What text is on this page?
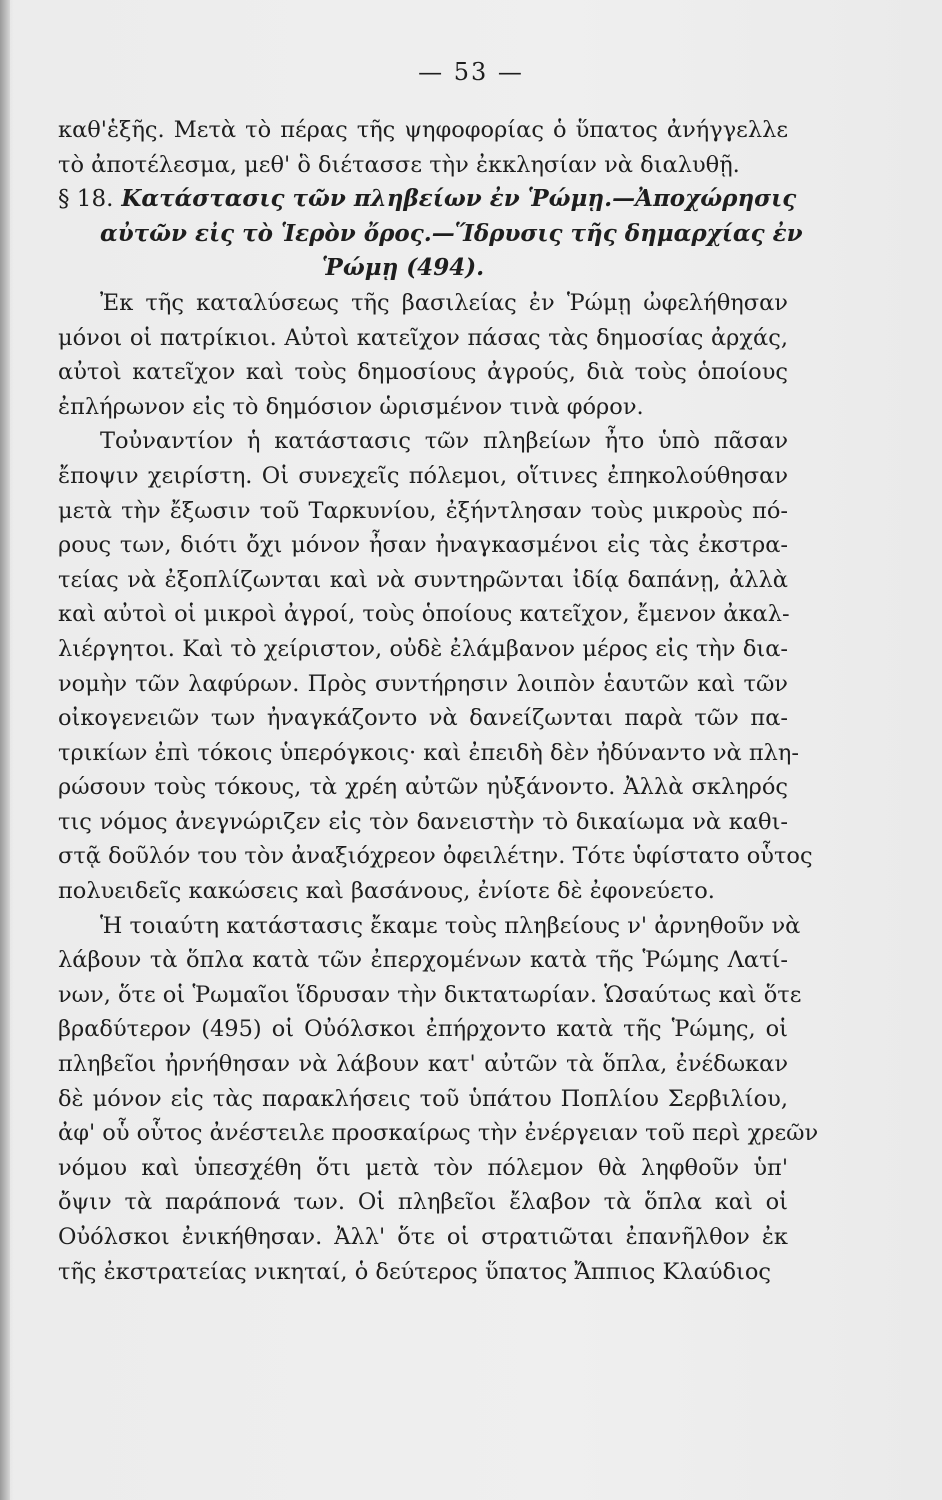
— 53 —
καθ'ἑξῆς. Μετὰ τὸ πέρας τῆς ψηφοφορίας ὁ ὕπατος ἀνήγγελλε
τὸ ἀποτέλεσμα, μεθ' ὃ διέτασσε τὴν ἐκκλησίαν νὰ διαλυθῇ.
§ 18. Κατάστασις τῶν πληβείων ἐν Ῥώμῃ.—Ἀποχώρησις
αὐτῶν εἰς τὸ Ἱερὸν ὄρος.—Ἵδρυσις τῆς δημαρχίας ἐν
Ῥώμῃ (494).
Ἐκ τῆς καταλύσεως τῆς βασιλείας ἐν Ῥώμῃ ὠφελήθησαν
μόνοι οἱ πατρίκιοι. Αὐτοὶ κατεῖχον πάσας τὰς δημοσίας ἀρχάς,
αὐτοὶ κατεῖχον καὶ τοὺς δημοσίους ἀγρούς, διὰ τοὺς ὁποίους
ἐπλήρωνον εἰς τὸ δημόσιον ὡρισμένον τινὰ φόρον.
Τοὐναντίον ἡ κατάστασις τῶν πληβείων ἦτο ὑπὸ πᾶσαν
ἔποψιν χειρίστη. Οἱ συνεχεῖς πόλεμοι, οἵτινες ἐπηκολούθησαν
μετὰ τὴν ἔξωσιν τοῦ Ταρκυνίου, ἐξήντλησαν τοὺς μικροὺς πό-
ρους των, διότι ὄχι μόνον ἦσαν ἠναγκασμένοι εἰς τὰς ἐκστρα-
τείας νὰ ἐξοπλίζωνται καὶ νὰ συντηρῶνται ἰδίᾳ δαπάνῃ, ἀλλὰ
καὶ αὐτοὶ οἱ μικροὶ ἀγροί, τοὺς ὁποίους κατεῖχον, ἔμενον ἀκαλ-
λιέργητοι. Καὶ τὸ χείριστον, οὐδὲ ἐλάμβανον μέρος εἰς τὴν δια-
νομὴν τῶν λαφύρων. Πρὸς συντήρησιν λοιπὸν ἑαυτῶν καὶ τῶν
οἰκογενειῶν των ἠναγκάζοντο νὰ δανείζωνται παρὰ τῶν πα-
τρικίων ἐπὶ τόκοις ὑπερόγκοις· καὶ ἐπειδὴ δὲν ἠδύναντο νὰ πλη-
ρώσουν τοὺς τόκους, τὰ χρέη αὐτῶν ηὐξάνοντο. Ἀλλὰ σκληρός
τις νόμος ἀνεγνώριζεν εἰς τὸν δανειστὴν τὸ δικαίωμα νὰ καθι-
στᾷ δοῦλόν του τὸν ἀναξιόχρεον ὀφειλέτην. Τότε ὑφίστατο οὗτος
πολυειδεῖς κακώσεις καὶ βασάνους, ἐνίοτε δὲ ἐφονεύετο.
Ἡ τοιαύτη κατάστασις ἔκαμε τοὺς πληβείους ν' ἀρνηθοῦν νὰ
λάβουν τὰ ὅπλα κατὰ τῶν ἐπερχομένων κατὰ τῆς Ῥώμης Λατί-
νων, ὅτε οἱ Ῥωμαῖοι ἵδρυσαν τὴν δικτατωρίαν. Ὡσαύτως καὶ ὅτε
βραδύτερον (495) οἱ Οὐόλσκοι ἐπήρχοντο κατὰ τῆς Ῥώμης, οἱ
πληβεῖοι ἠρνήθησαν νὰ λάβουν κατ' αὐτῶν τὰ ὅπλα, ἐνέδωκαν
δὲ μόνον εἰς τὰς παρακλήσεις τοῦ ὑπάτου Ποπλίου Σερβιλίου,
ἀφ' οὗ οὗτος ἀνέστειλε προσκαίρως τὴν ἐνέργειαν τοῦ περὶ χρεῶν
νόμου καὶ ὑπεσχέθη ὅτι μετὰ τὸν πόλεμον θὰ ληφθοῦν ὑπ'
ὄψιν τὰ παράπονά των. Οἱ πληβεῖοι ἔλαβον τὰ ὅπλα καὶ οἱ
Οὐόλσκοι ἐνικήθησαν. Ἀλλ' ὅτε οἱ στρατιῶται ἐπανῆλθον ἐκ
τῆς ἐκστρατείας νικηταί, ὁ δεύτερος ὕπατος Ἄππιος Κλαύδιος
